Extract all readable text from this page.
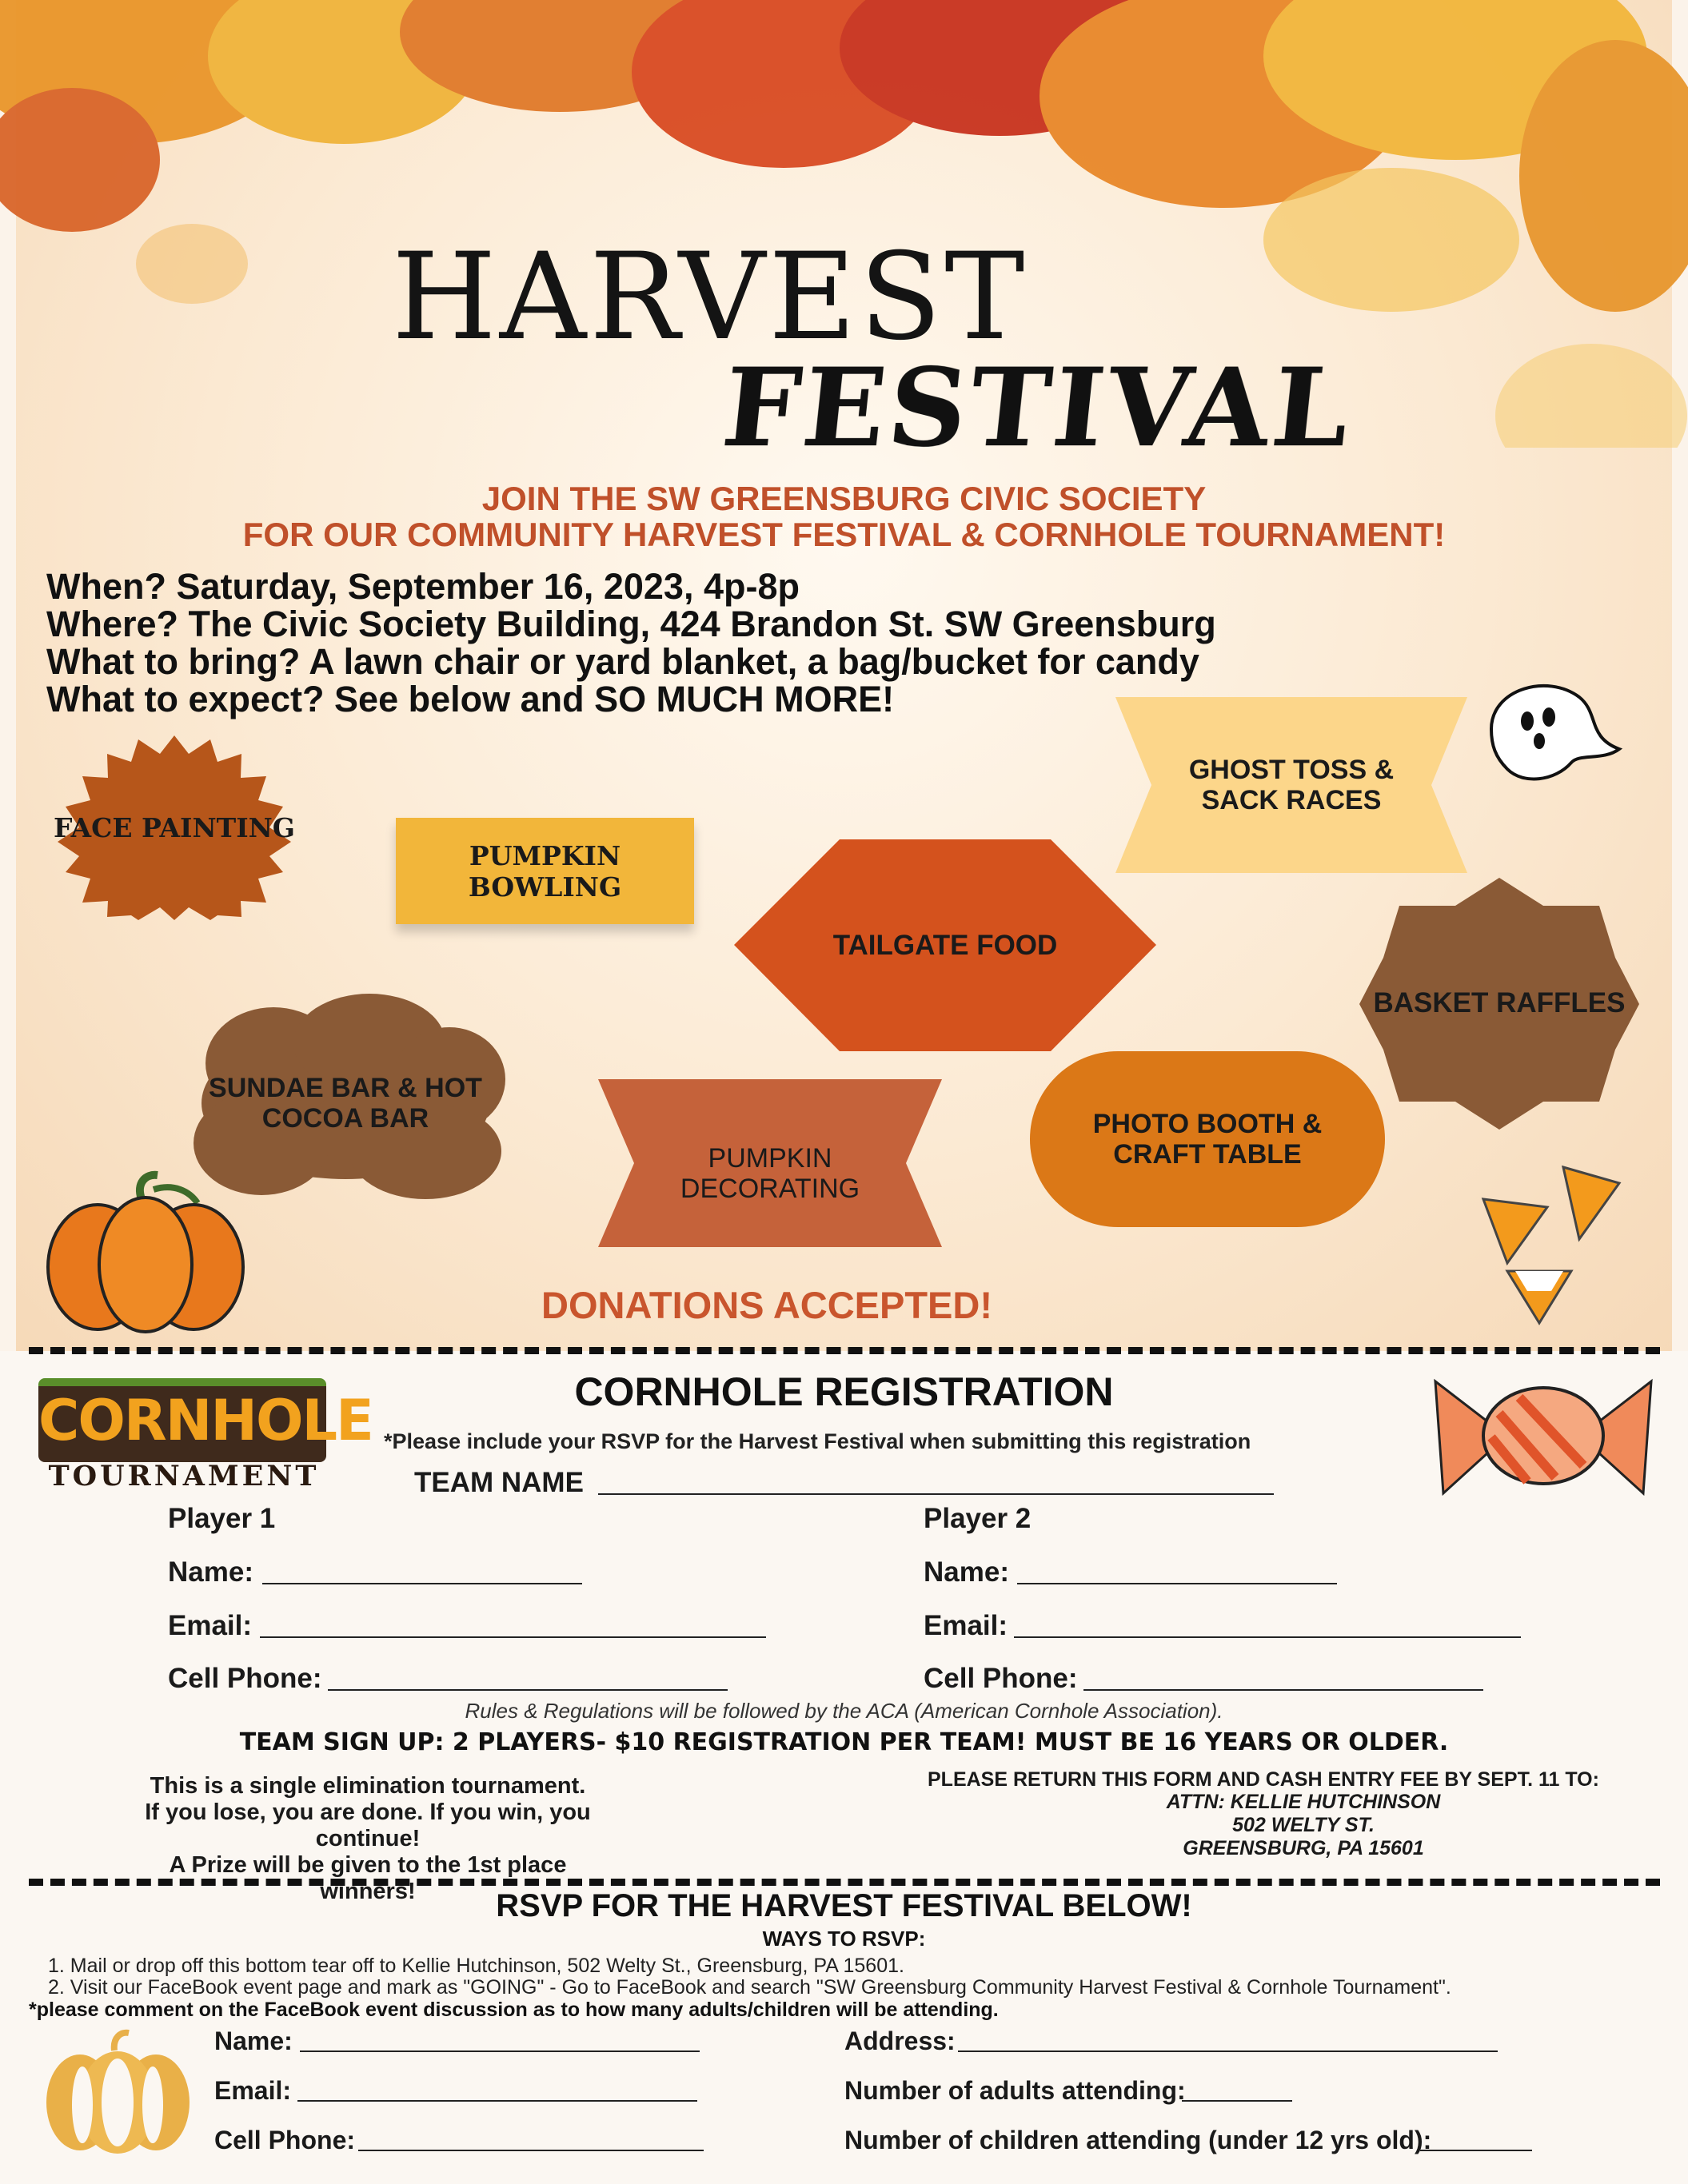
HARVEST
FESTIVAL
JOIN THE SW GREENSBURG CIVIC SOCIETY
FOR OUR COMMUNITY HARVEST FESTIVAL & CORNHOLE TOURNAMENT!
When? Saturday, September 16, 2023, 4p-8p
Where? The Civic Society Building, 424 Brandon St. SW Greensburg
What to bring? A lawn chair or yard blanket, a bag/bucket for candy
What to expect? See below and SO MUCH MORE!
FACE PAINTING
PUMPKIN BOWLING
GHOST TOSS & SACK RACES
TAILGATE FOOD
BASKET RAFFLES
SUNDAE BAR & HOT COCOA BAR
PUMPKIN DECORATING
PHOTO BOOTH & CRAFT TABLE
DONATIONS ACCEPTED!
CORNHOLE
TOURNAMENT
CORNHOLE REGISTRATION
*Please include your RSVP for the Harvest Festival when submitting this registration
TEAM NAME
Player 1
Name:
Email:
Cell Phone:
Player 2
Name:
Email:
Cell Phone:
Rules & Regulations will be followed by the ACA (American Cornhole Association).
TEAM SIGN UP: 2 PLAYERS- $10 REGISTRATION PER TEAM! MUST BE 16 YEARS OR OLDER.
This is a single elimination tournament.
If you lose, you are done. If you win, you continue!
A Prize will be given to the 1st place winners!
PLEASE RETURN THIS FORM AND CASH ENTRY FEE BY SEPT. 11 TO:
ATTN: KELLIE HUTCHINSON
502 WELTY ST.
GREENSBURG, PA 15601
RSVP FOR THE HARVEST FESTIVAL BELOW!
WAYS TO RSVP:
1. Mail or drop off this bottom tear off to Kellie Hutchinson, 502 Welty St., Greensburg, PA 15601.
2. Visit our FaceBook event page and mark as "GOING" - Go to FaceBook and search "SW Greensburg Community Harvest Festival & Cornhole Tournament".
*please comment on the FaceBook event discussion as to how many adults/children will be attending.
Name:
Email:
Cell Phone:
Address:
Number of adults attending:
Number of children attending (under 12 yrs old):
